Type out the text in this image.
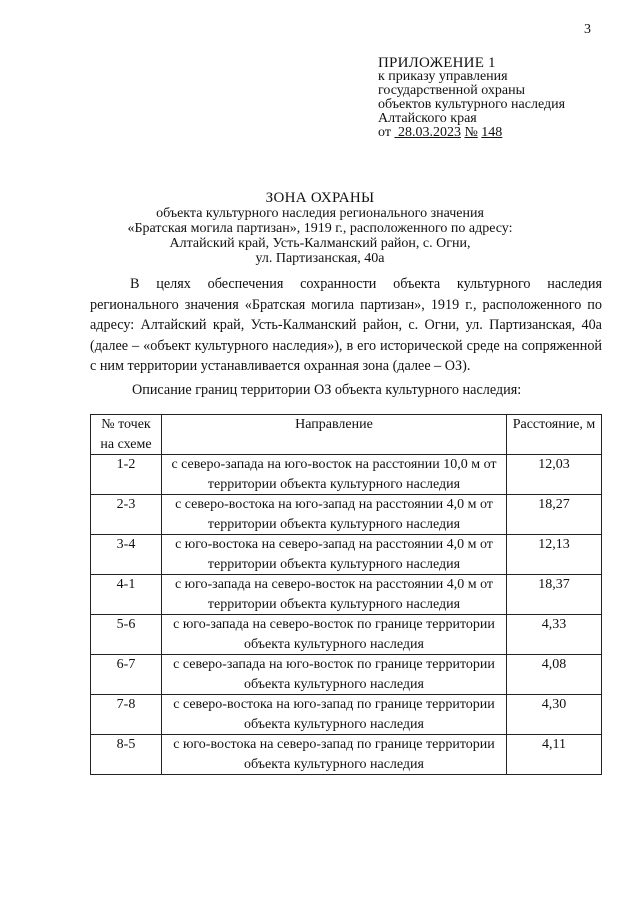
3
ПРИЛОЖЕНИЕ 1
к приказу управления
государственной охраны
объектов культурного наследия
Алтайского края
от 28.03.2023 № 148
ЗОНА ОХРАНЫ
объекта культурного наследия регионального значения
«Братская могила партизан», 1919 г., расположенного по адресу:
Алтайский край, Усть-Калманский район, с. Огни,
ул. Партизанская, 40а
В целях обеспечения сохранности объекта культурного наследия регионального значения «Братская могила партизан», 1919 г., расположенного по адресу: Алтайский край, Усть-Калманский район, с. Огни, ул. Партизанская, 40а (далее – «объект культурного наследия»), в его исторической среде на сопряженной с ним территории устанавливается охранная зона (далее – ОЗ).
Описание границ территории ОЗ объекта культурного наследия:
№ точек на схеме	Направление	Расстояние, м
1-2	с северо-запада на юго-восток на расстоянии 10,0 м от территории объекта культурного наследия	12,03
2-3	с северо-востока на юго-запад на расстоянии 4,0 м от территории объекта культурного наследия	18,27
3-4	с юго-востока на северо-запад на расстоянии 4,0 м от территории объекта культурного наследия	12,13
4-1	с юго-запада на северо-восток на расстоянии 4,0 м от территории объекта культурного наследия	18,37
5-6	с юго-запада на северо-восток по границе территории объекта культурного наследия	4,33
6-7	с северо-запада на юго-восток по границе территории объекта культурного наследия	4,08
7-8	с северо-востока на юго-запад по границе территории объекта культурного наследия	4,30
8-5	с юго-востока на северо-запад по границе территории объекта культурного наследия	4,11
